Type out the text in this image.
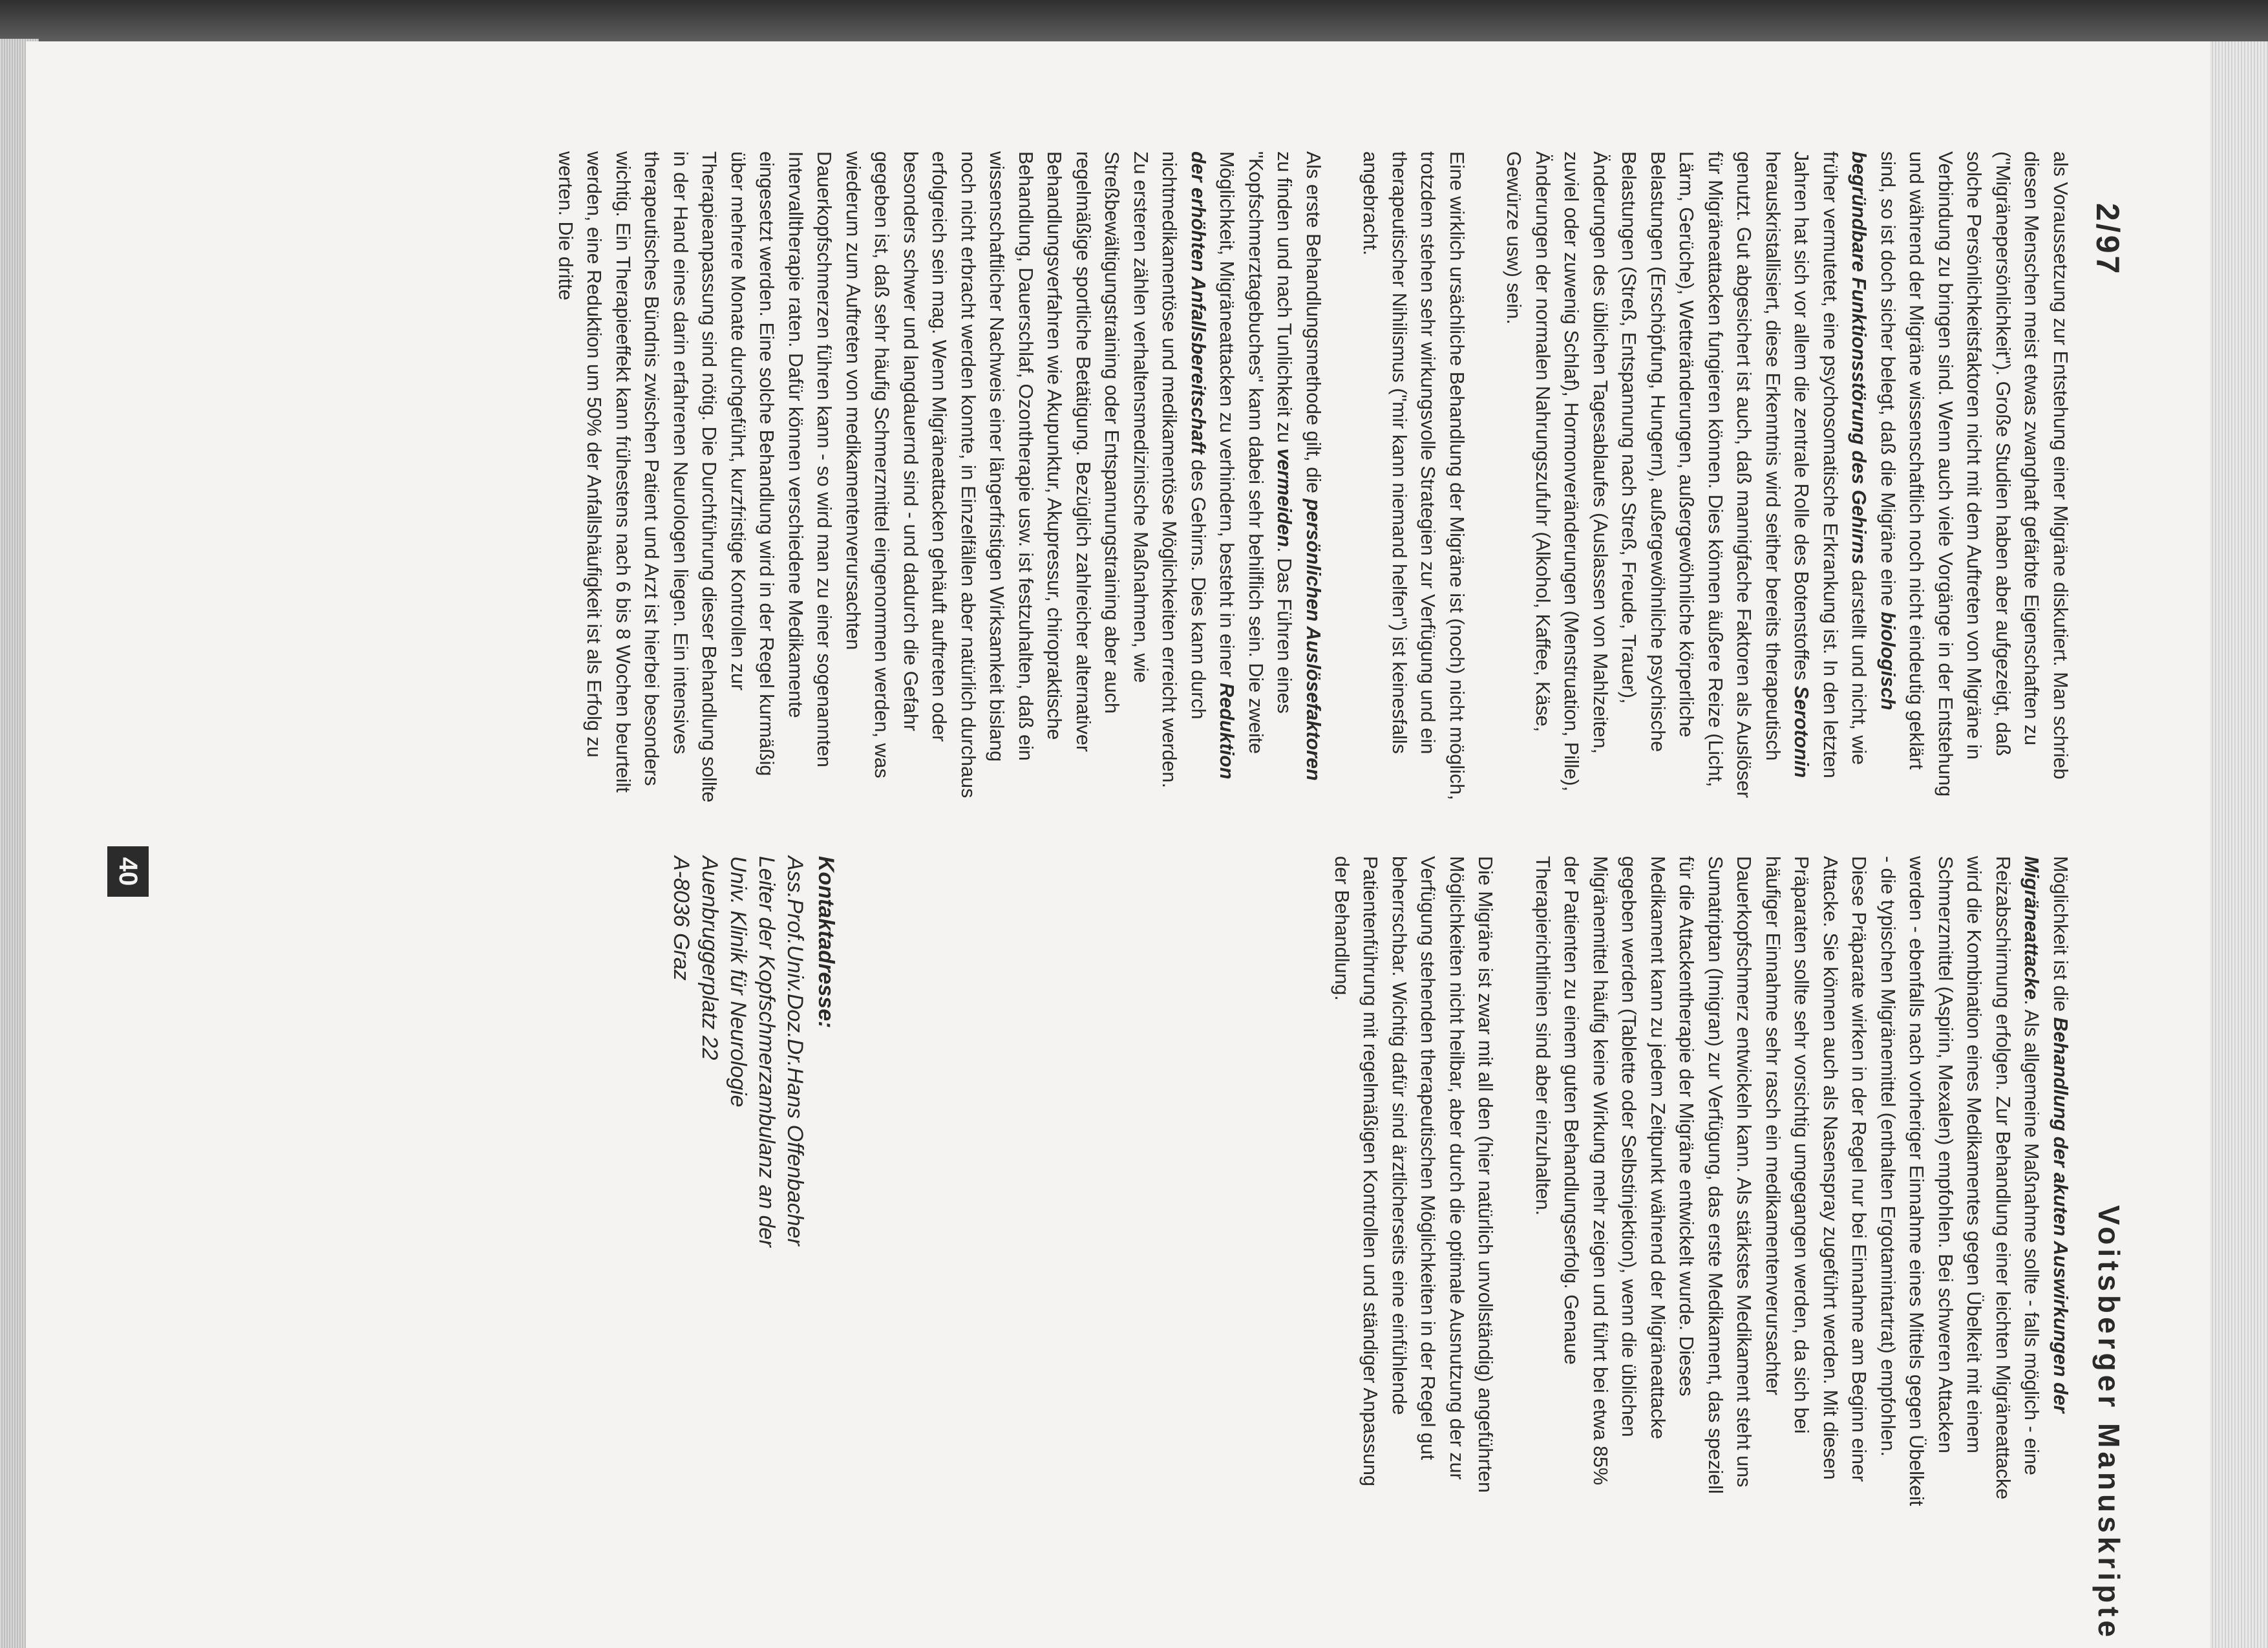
2/97
Voitsberger Manuskripte

als Voraussetzung zur Entstehung einer Migräne diskutiert. Man schrieb diesen Menschen meist etwas zwanghaft gefärbte Eigenschaften zu ("Migränepersönlichkeit"). Große Studien haben aber aufgezeigt, daß solche Persönlichkeitsfaktoren nicht mit dem Auftreten von Migräne in Verbindung zu bringen sind. Wenn auch viele Vorgänge in der Entstehung und während der Migräne wissenschaftlich noch nicht eindeutig geklärt sind, so ist doch sicher belegt, daß die Migräne eine biologisch begründbare Funktionsstörung des Gehirns darstellt und nicht, wie früher vermutetet, eine psychosomatische Erkrankung ist. In den letzten Jahren hat sich vor allem die zentrale Rolle des Botenstoffes Serotonin herauskristallisiert, diese Erkenntnis wird seither bereits therapeutisch genutzt. Gut abgesichert ist auch, daß mannigfache Faktoren als Auslöser für Migräneattacken fungieren können. Dies können äußere Reize (Licht, Lärm, Gerüche), Wetteränderungen, außergewöhnliche körperliche Belastungen (Erschöpfung, Hungern), außergewöhnliche psychische Belastungen (Streß, Entspannung nach Streß, Freude, Trauer), Änderungen des üblichen Tagesablaufes (Auslassen von Mahlzeiten, zuviel oder zuwenig Schlaf), Hormonveränderungen (Menstruation, Pille), Änderungen der normalen Nahrungszufuhr (Alkohol, Kaffee, Käse, Gewürze usw) sein.

Eine wirklich ursächliche Behandlung der Migräne ist (noch) nicht möglich, trotzdem stehen sehr wirkungsvolle Strategien zur Verfügung und ein therapeutischer Nihilismus ("mir kann niemand helfen") ist keinesfalls angebracht.

Als erste Behandlungsmethode gilt, die persönlichen Auslösefaktoren zu finden und nach Tunlichkeit zu vermeiden. Das Führen eines "Kopfschmerztagebuches" kann dabei sehr behilflich sein. Die zweite Möglichkeit, Migräneattacken zu verhindern, besteht in einer Reduktion der erhöhten Anfallsbereitschaft des Gehirns. Dies kann durch nichtmedikamentöse und medikamentöse Möglichkeiten erreicht werden. Zu ersteren zählen verhaltensmedizinische Maßnahmen, wie Streßbewältigungstraining oder Entspannungstraining aber auch regelmäßige sportliche Betätigung. Bezüglich zahlreicher alternativer Behandlungsverfahren wie Akupunktur, Akupressur, chiropraktische Behandlung, Dauerschlaf, Ozontherapie usw. ist festzuhalten, daß ein wissenschaftlicher Nachweis einer längerfristigen Wirksamkeit bislang noch nicht erbracht werden konnte, in Einzelfällen aber natürlich durchaus erfolgreich sein mag. Wenn Migräneattacken gehäuft auftreten oder besonders schwer und langdauernd sind - und dadurch die Gefahr gegeben ist, daß sehr häufig Schmerzmittel eingenommen werden, was wiederum zum Auftreten von medikamentenverursachten Dauerkopfschmerzen führen kann - so wird man zu einer sogenannten Intervalltherapie raten. Dafür können verschiedene Medikamente eingesetzt werden. Eine solche Behandlung wird in der Regel kurmäßig über mehrere Monate durchgeführt, kurzfristige Kontrollen zur Therapieanpassung sind nötig. Die Durchführung dieser Behandlung sollte in der Hand eines darin erfahrenen Neurologen liegen. Ein intensives therapeutisches Bündnis zwischen Patient und Arzt ist hierbei besonders wichtig. Ein Therapieeffekt kann frühestens nach 6 bis 8 Wochen beurteilt werden, eine Reduktion um 50% der Anfallshäufigkeit ist als Erfolg zu werten. Die dritte

Möglichkeit ist die Behandlung der akuten Auswirkungen der Migräneattacke. Als allgemeine Maßnahme sollte - falls möglich - eine Reizabschirmung erfolgen. Zur Behandlung einer leichten Migräneattacke wird die Kombination eines Medikamentes gegen Übelkeit mit einem Schmerzmittel (Aspirin, Mexalen) empfohlen. Bei schweren Attacken werden - ebenfalls nach vorheriger Einnahme eines Mittels gegen Übelkeit - die typischen Migränemittel (enthalten Ergotamintartrat) empfohlen. Diese Präparate wirken in der Regel nur bei Einnahme am Beginn einer Attacke. Sie können auch als Nasenspray zugeführt werden. Mit diesen Präparaten sollte sehr vorsichtig umgegangen werden, da sich bei häufiger Einnahme sehr rasch ein medikamentenverursachter Dauerkopfschmerz entwickeln kann. Als stärkstes Medikament steht uns Sumatriptan (Imigran) zur Verfügung, das erste Medikament, das speziell für die Attackentherapie der Migräne entwickelt wurde. Dieses Medikament kann zu jedem Zeitpunkt während der Migräneattacke gegeben werden (Tablette oder Selbstinjektion), wenn die üblichen Migränemittel häufig keine Wirkung mehr zeigen und führt bei etwa 85% der Patienten zu einem guten Behandlungserfolg. Genaue Therapierichtlinien sind aber einzuhalten.

Die Migräne ist zwar mit all den (hier natürlich unvollständig) angeführten Möglichkeiten nicht heilbar, aber durch die optimale Ausnutzung der zur Verfügung stehenden therapeutischen Möglichkeiten in der Regel gut beherrschbar. Wichtig dafür sind ärztlicherseits eine einfühlende Patientenführung mit regelmäßigen Kontrollen und ständiger Anpassung der Behandlung.

Kontaktadresse:
Ass.Prof.Univ.Doz.Dr.Hans Offenbacher
Leiter der Kopfschmerzambulanz an der
Univ. Klinik für Neurologie
Auenbruggerplatz 22
A-8036 Graz
40
